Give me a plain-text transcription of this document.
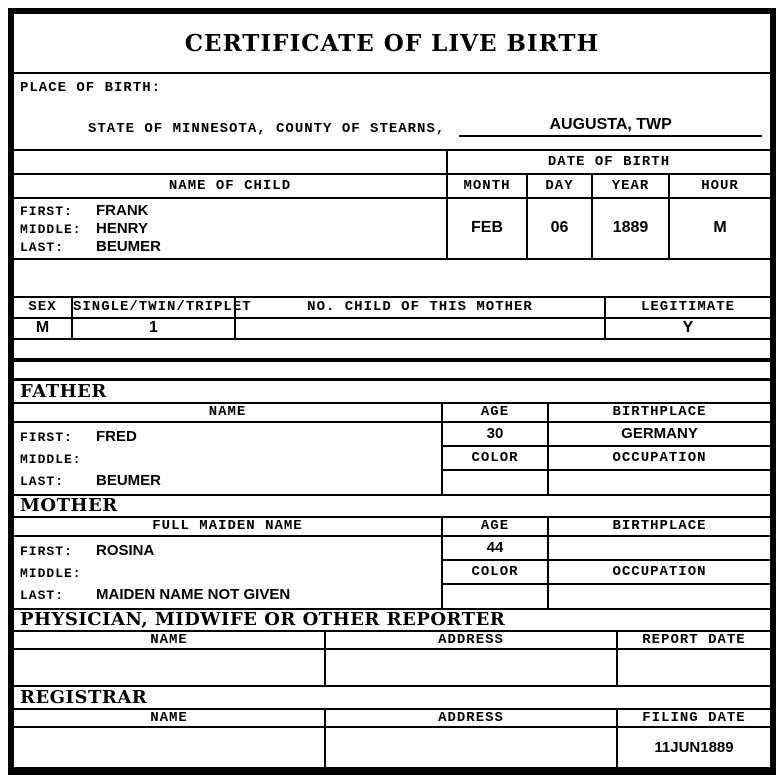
CERTIFICATE OF LIVE BIRTH
PLACE OF BIRTH:
STATE OF MINNESOTA, COUNTY OF STEARNS,	AUGUSTA, TWP
	DATE OF BIRTH			
NAME OF CHILD	MONTH	DAY	YEAR	HOUR

FIRST: FRANK
MIDDLE: HENRY
LAST: BEUMER	FEB	06	1889	M
SEX	SINGLE/TWIN/TRIPLET	NO. CHILD OF THIS MOTHER	LEGITIMATE
M	1		Y
FATHER
NAME	AGE	BIRTHPLACE

FIRST: FRED
MIDDLE:
LAST: BEUMER	30	GERMANY
	COLOR	OCCUPATION

MOTHER
FULL MAIDEN NAME	AGE	BIRTHPLACE

FIRST: ROSINA
MIDDLE:
LAST: MAIDEN NAME NOT GIVEN	44	
	COLOR	OCCUPATION

PHYSICIAN, MIDWIFE OR OTHER REPORTER
NAME	ADDRESS	REPORT DATE

REGISTRAR
NAME	ADDRESS	FILING DATE
		11JUN1889
